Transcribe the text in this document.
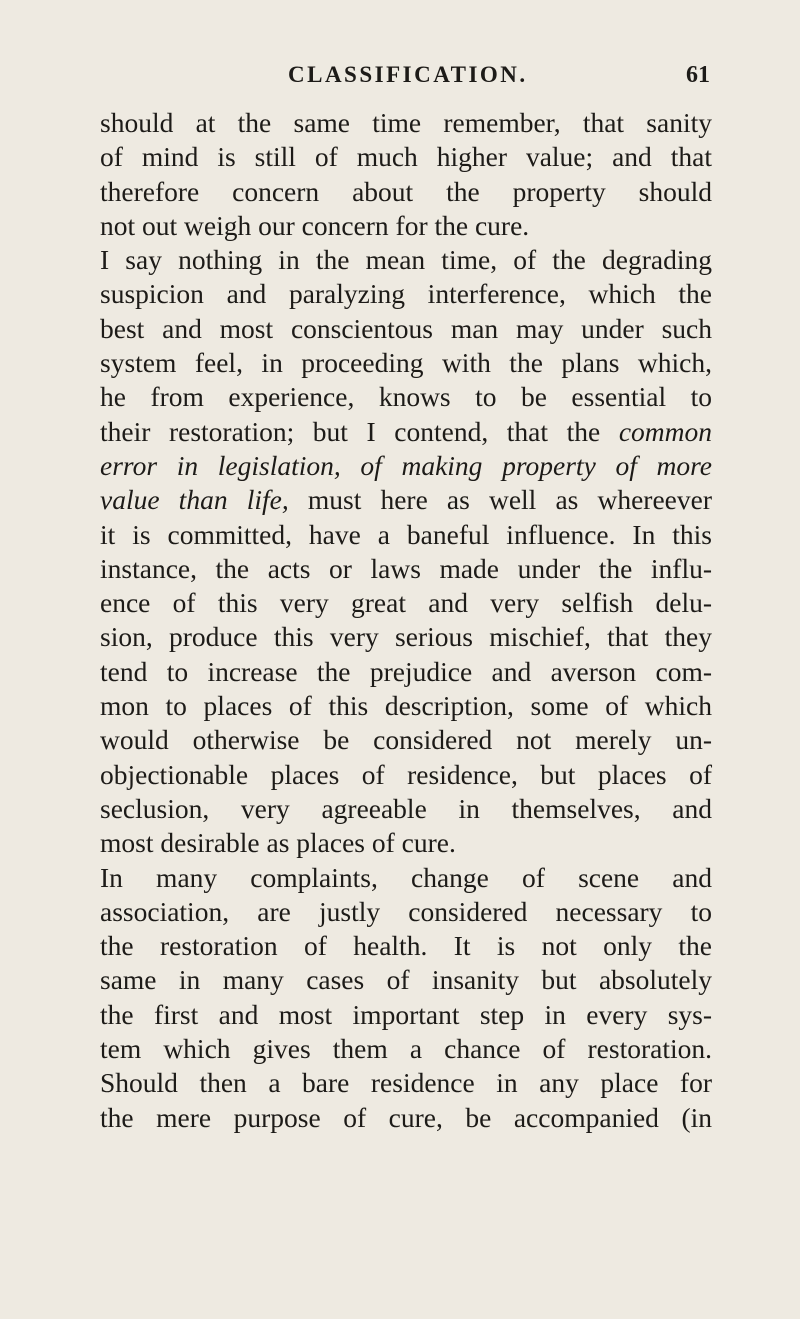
CLASSIFICATION.	61
should at the same time remember, that sanity
of mind is still of much higher value; and that
therefore concern about the property should
not out weigh our concern for the cure.
I say nothing in the mean time, of the degrading
suspicion and paralyzing interference, which the
best and most conscientous man may under such
system feel, in proceeding with the plans which,
he from experience, knows to be essential to
their restoration; but I contend, that the common
error in legislation, of making property of more
value than life, must here as well as whereever
it is committed, have a baneful influence. In this
instance, the acts or laws made under the influ-
ence of this very great and very selfish delu-
sion, produce this very serious mischief, that they
tend to increase the prejudice and averson com-
mon to places of this description, some of which
would otherwise be considered not merely un-
objectionable places of residence, but places of
seclusion, very agreeable in themselves, and
most desirable as places of cure.
In many complaints, change of scene and
association, are justly considered necessary to
the restoration of health. It is not only the
same in many cases of insanity but absolutely
the first and most important step in every sys-
tem which gives them a chance of restoration.
Should then a bare residence in any place for
the mere purpose of cure, be accompanied (in
